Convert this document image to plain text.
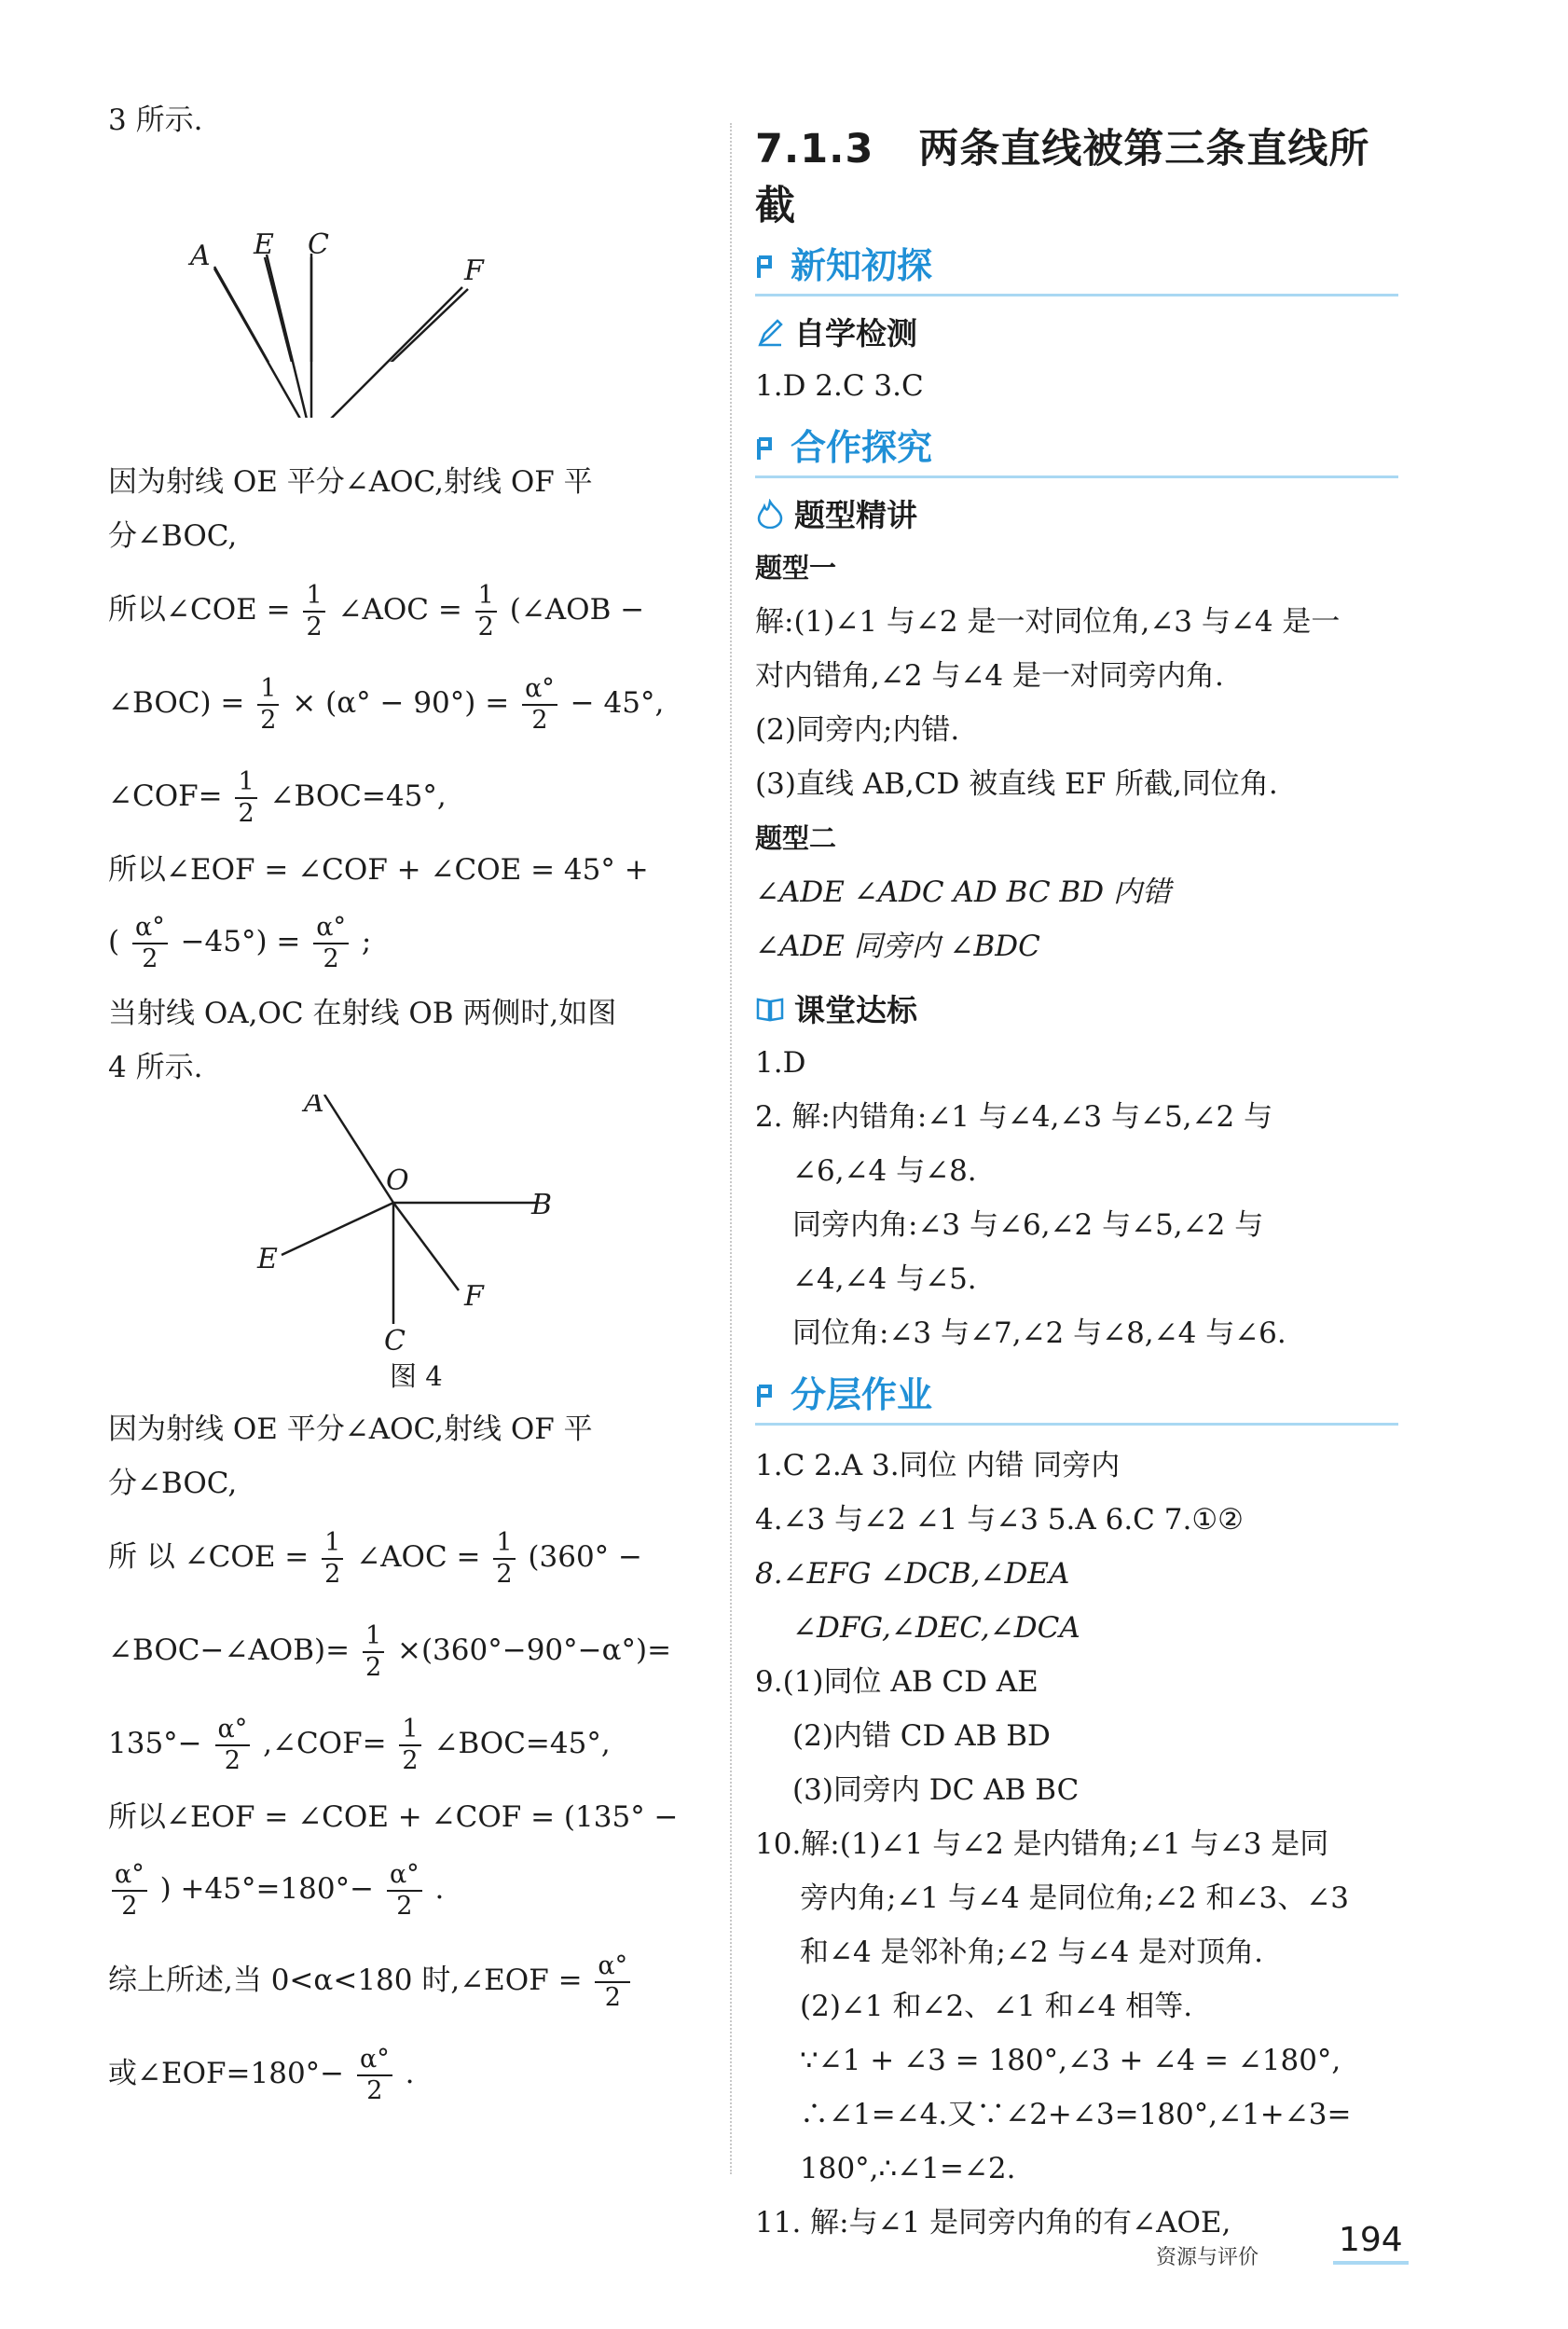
3 所示.

A E C
F

因为射线 OE 平分∠AOC,射线 OF 平

分∠BOC,

所以∠COE = $\frac{1}{2}$ ∠AOC = $\frac{1}{2}$ (∠AOB −

∠BOC) = $\frac{1}{2} \times (\alpha^\circ - 90^\circ) = \frac{\alpha^\circ}{2} - 45^\circ$,

∠COF= $\frac{1}{2}$ ∠BOC=45°,

所以∠EOF = ∠COF + ∠COE = 45° +

( $\frac{\alpha^\circ}{2} -45^\circ) = \frac{\alpha^\circ}{2}$ ;

当射线 OA,OC 在射线 OB 两侧时,如图

4 所示.

A
O
B
E
F
C
图 4

因为射线 OE 平分∠AOC,射线 OF 平

分∠BOC,

所 以 ∠COE = $\frac{1}{2}$ ∠AOC = $\frac{1}{2} (360^\circ$ −

∠BOC−∠AOB)= $\frac{1}{2} \times(360^\circ-90^\circ-\alpha^\circ)=$

$135^\circ- \frac{\alpha^\circ}{2}$ ,∠COF= $\frac{1}{2}$ ∠BOC=45°,

所以∠EOF = ∠COE + ∠COF = (135° −

$\frac{\alpha^\circ}{2}$ ) $+45^\circ=180^\circ- \frac{\alpha^\circ}{2}$ .

综上所述,当 0<α<180 时,∠EOF = $\frac{\alpha^\circ}{2}$

或∠EOF=180°− $\frac{\alpha^\circ}{2}$ .

7.1.3 两条直线被第三条直线所截
新知初探
自学检测

1.D 2.C 3.C

合作探究
题型精讲
题型一

解:(1)∠1 与∠2 是一对同位角,∠3 与∠4 是一

对内错角,∠2 与∠4 是一对同旁内角.

(2)同旁内;内错.

(3)直线 AB,CD 被直线 EF 所截,同位角.

题型二

∠ADE ∠ADC AD BC BD 内错

∠ADE 同旁内 ∠BDC

课堂达标

1.D

2. 解:内错角:∠1 与∠4,∠3 与∠5,∠2 与

∠6,∠4 与∠8.

同旁内角:∠3 与∠6,∠2 与∠5,∠2 与

∠4,∠4 与∠5.

同位角:∠3 与∠7,∠2 与∠8,∠4 与∠6.

分层作业

1.C 2.A 3.同位 内错 同旁内

4.∠3 与∠2 ∠1 与∠3 5.A 6.C 7.①②

8.∠EFG ∠DCB,∠DEA

∠DFG,∠DEC,∠DCA

9.(1)同位 AB CD AE

(2)内错 CD AB BD

(3)同旁内 DC AB BC

10.解:(1)∠1 与∠2 是内错角;∠1 与∠3 是同

旁内角;∠1 与∠4 是同位角;∠2 和∠3、∠3

和∠4 是邻补角;∠2 与∠4 是对顶角.

(2)∠1 和∠2、∠1 和∠4 相等.

∵∠1 + ∠3 = 180°,∠3 + ∠4 = ∠180°,

∴∠1=∠4.又∵∠2+∠3=180°,∠1+∠3=

180°,∴∠1=∠2.

11. 解:与∠1 是同旁内角的有∠AOE,

资源与评价 194
